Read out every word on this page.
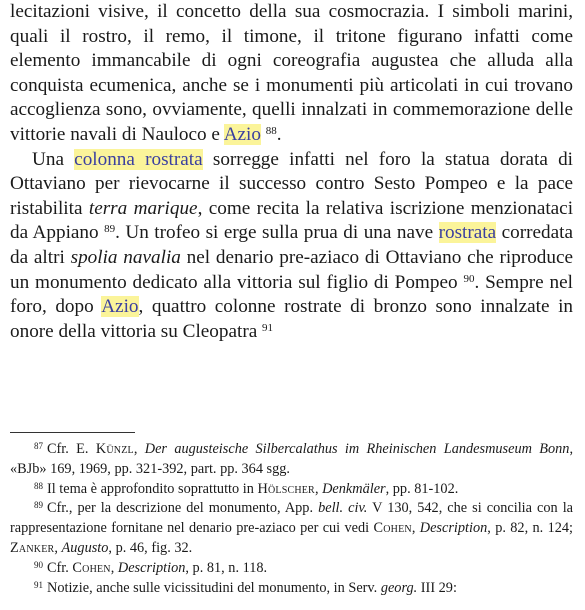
lecitazioni visive, il concetto della sua cosmocrazia. I simboli marini, quali il rostro, il remo, il timone, il tritone figurano infatti come elemento immancabile di ogni coreografia augustea che alluda alla conquista ecumenica, anche se i monumenti più articolati in cui trovano accoglienza sono, ovviamente, quelli innalzati in commemorazione delle vittorie navali di Nauloco e Azio $^{88}$.

Una colonna rostrata sorregge infatti nel foro la statua dorata di Ottaviano per rievocarne il successo contro Sesto Pompeo e la pace ristabilita terra marique, come recita la relativa iscrizione menzionataci da Appiano $^{89}$. Un trofeo si erge sulla prua di una nave rostrata corredata da altri spolia navalia nel denario pre-aziaco di Ottaviano che riproduce un monumento dedicato alla vittoria sul figlio di Pompeo $^{90}$. Sempre nel foro, dopo Azio, quattro colonne rostrate di bronzo sono innalzate in onore della vittoria su Cleopatra $^{91}$

$^{87}$ Cfr. E. Künzl, Der augusteische Silbercalathus im Rheinischen Landesmuseum Bonn, «BJb» 169, 1969, pp. 321-392, part. pp. 364 sgg.

$^{88}$ Il tema è approfondito soprattutto in Hölscher, Denkmäler, pp. 81-102.

$^{89}$ Cfr., per la descrizione del monumento, App. bell. civ. V 130, 542, che si concilia con la rappresentazione fornitane nel denario pre-aziaco per cui vedi Cohen, Description, p. 82, n. 124; Zanker, Augusto, p. 46, fig. 32.

$^{90}$ Cfr. Cohen, Description, p. 81, n. 118.

$^{91}$ Notizie, anche sulle vicissitudini del monumento, in Serv. georg. III 29:
